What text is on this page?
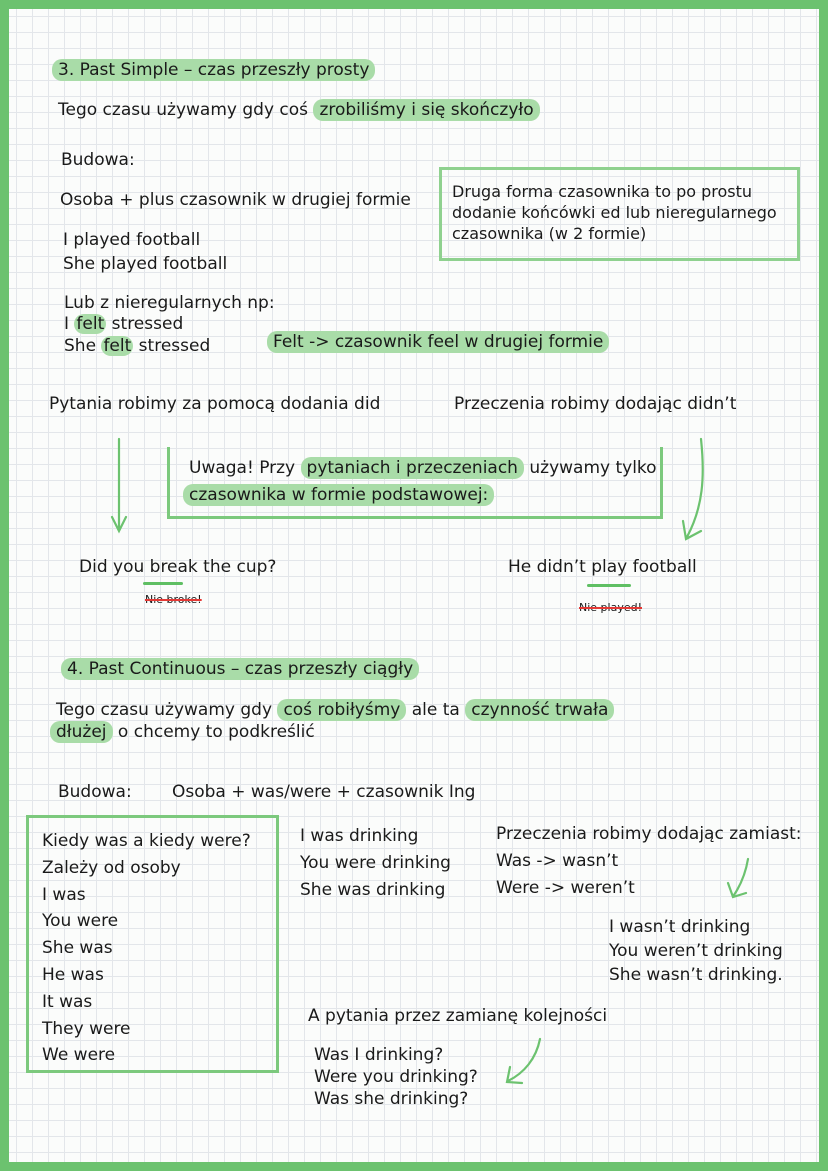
3. Past Simple – czas przeszły prosty
Tego czasu używamy gdy coś zrobiliśmy i się skończyło
Budowa:
Osoba + plus czasownik w drugiej formie
I played football
She played football
Druga forma czasownika to po prostu
dodanie końcówki ed lub nieregularnego
czasownika (w 2 formie)
Lub z nieregularnych np:
I felt stressed
She felt stressed	Felt -> czasownik feel w drugiej formie
Pytania robimy za pomocą dodania did	Przeczenia robimy dodając didn’t
Uwaga! Przy pytaniach i przeczeniach używamy tylko
czasownika w formie podstawowej:
Did you break the cup?
Nie broke!
He didn’t play football
Nie played!
4. Past Continuous – czas przeszły ciągły
Tego czasu używamy gdy coś robiłyśmy ale ta czynność trwała
dłużej o chcemy to podkreślić
Budowa: Osoba + was/were + czasownik Ing
Kiedy was a kiedy were?
Zależy od osoby
I was
You were
She was
He was
It was
They were
We were
I was drinking
You were drinking
She was drinking
Przeczenia robimy dodając zamiast:
Was -> wasn’t
Were -> weren’t
I wasn’t drinking
You weren’t drinking
She wasn’t drinking.
A pytania przez zamianę kolejności
Was I drinking?
Were you drinking?
Was she drinking?
